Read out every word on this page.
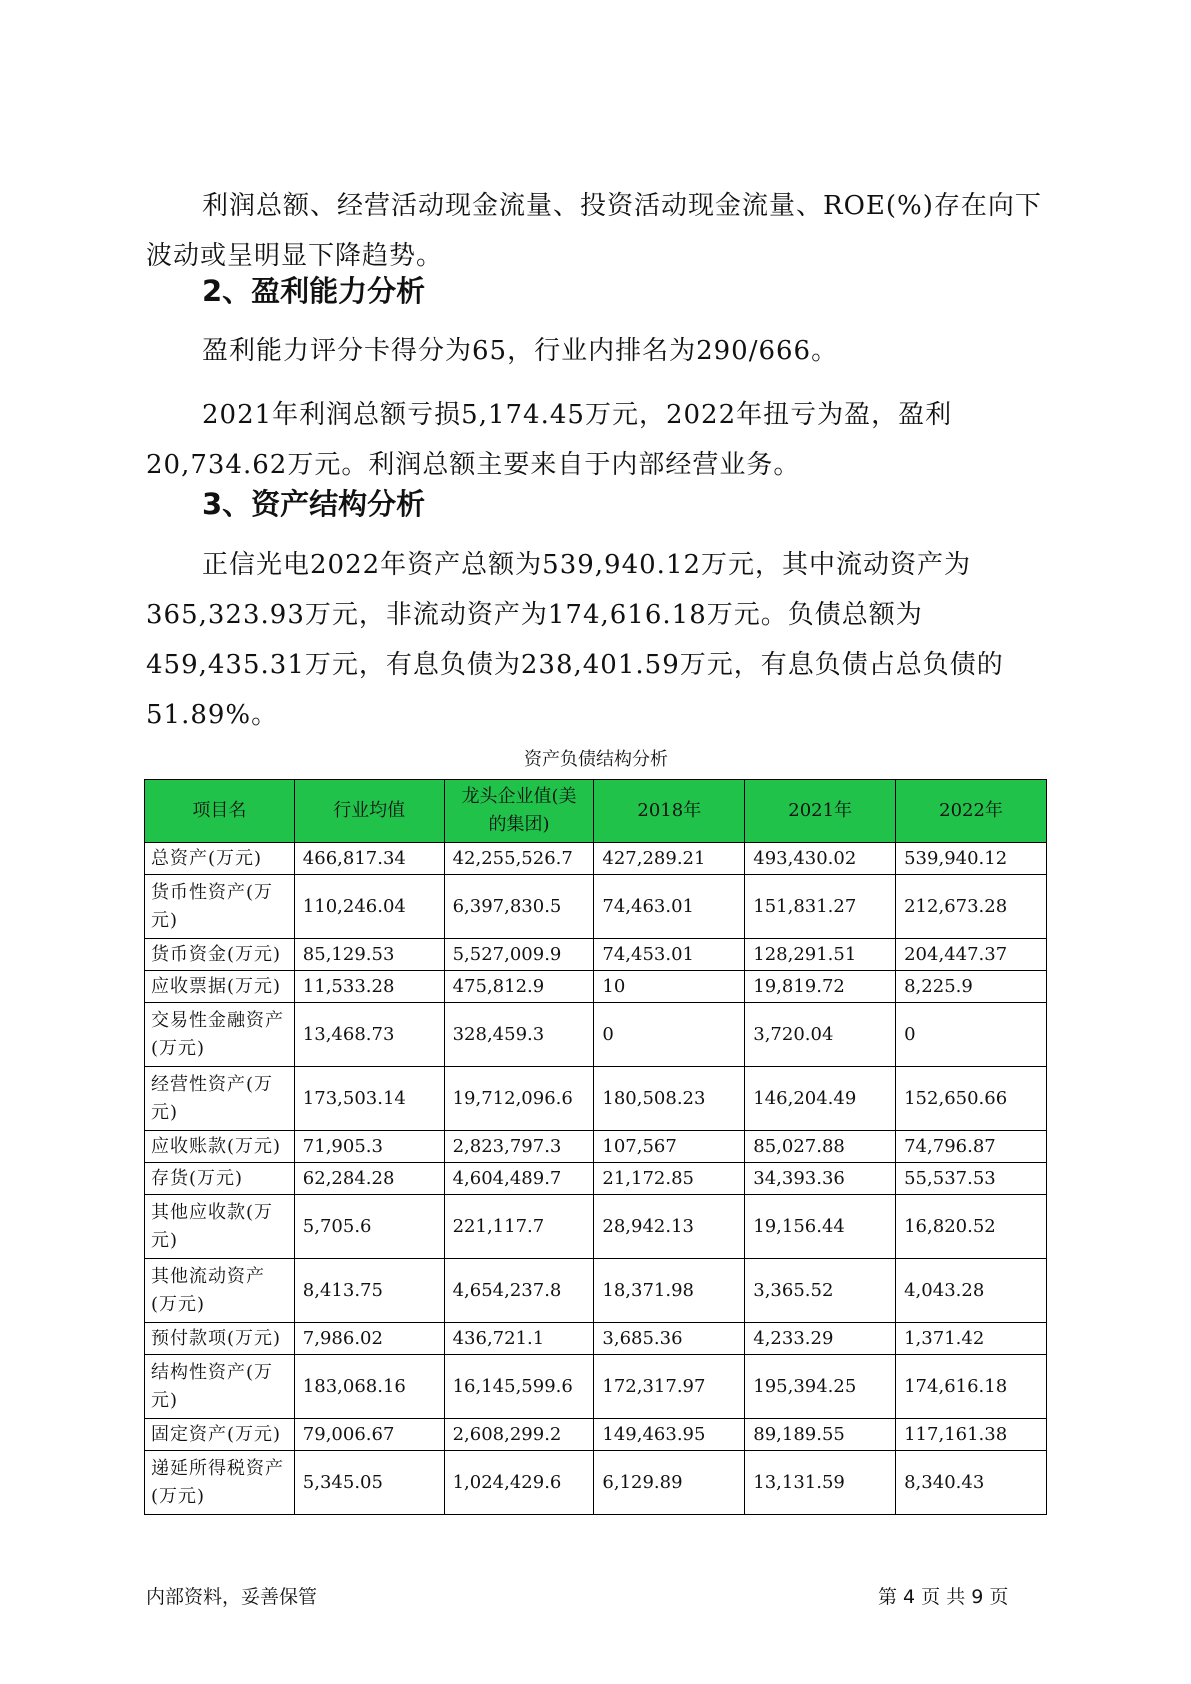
利润总额、经营活动现金流量、投资活动现金流量、ROE(%)存在向下波动或呈明显下降趋势。

2、盈利能力分析

盈利能力评分卡得分为65，行业内排名为290/666。

2021年利润总额亏损5,174.45万元，2022年扭亏为盈，盈利20,734.62万元。利润总额主要来自于内部经营业务。

3、资产结构分析

正信光电2022年资产总额为539,940.12万元，其中流动资产为365,323.93万元，非流动资产为174,616.18万元。负债总额为459,435.31万元，有息负债为238,401.59万元，有息负债占总负债的51.89%。

资产负债结构分析
项目名	行业均值	龙头企业值(美的集团)	2018年	2021年	2022年
总资产(万元)	466,817.34	42,255,526.7	427,289.21	493,430.02	539,940.12
货币性资产(万元)	110,246.04	6,397,830.5	74,463.01	151,831.27	212,673.28
货币资金(万元)	85,129.53	5,527,009.9	74,453.01	128,291.51	204,447.37
应收票据(万元)	11,533.28	475,812.9	10	19,819.72	8,225.9
交易性金融资产(万元)	13,468.73	328,459.3	0	3,720.04	0
经营性资产(万元)	173,503.14	19,712,096.6	180,508.23	146,204.49	152,650.66
应收账款(万元)	71,905.3	2,823,797.3	107,567	85,027.88	74,796.87
存货(万元)	62,284.28	4,604,489.7	21,172.85	34,393.36	55,537.53
其他应收款(万元)	5,705.6	221,117.7	28,942.13	19,156.44	16,820.52
其他流动资产(万元)	8,413.75	4,654,237.8	18,371.98	3,365.52	4,043.28
预付款项(万元)	7,986.02	436,721.1	3,685.36	4,233.29	1,371.42
结构性资产(万元)	183,068.16	16,145,599.6	172,317.97	195,394.25	174,616.18
固定资产(万元)	79,006.67	2,608,299.2	149,463.95	89,189.55	117,161.38
递延所得税资产(万元)	5,345.05	1,024,429.6	6,129.89	13,131.59	8,340.43
内部资料，妥善保管	第 4 页 共 9 页
